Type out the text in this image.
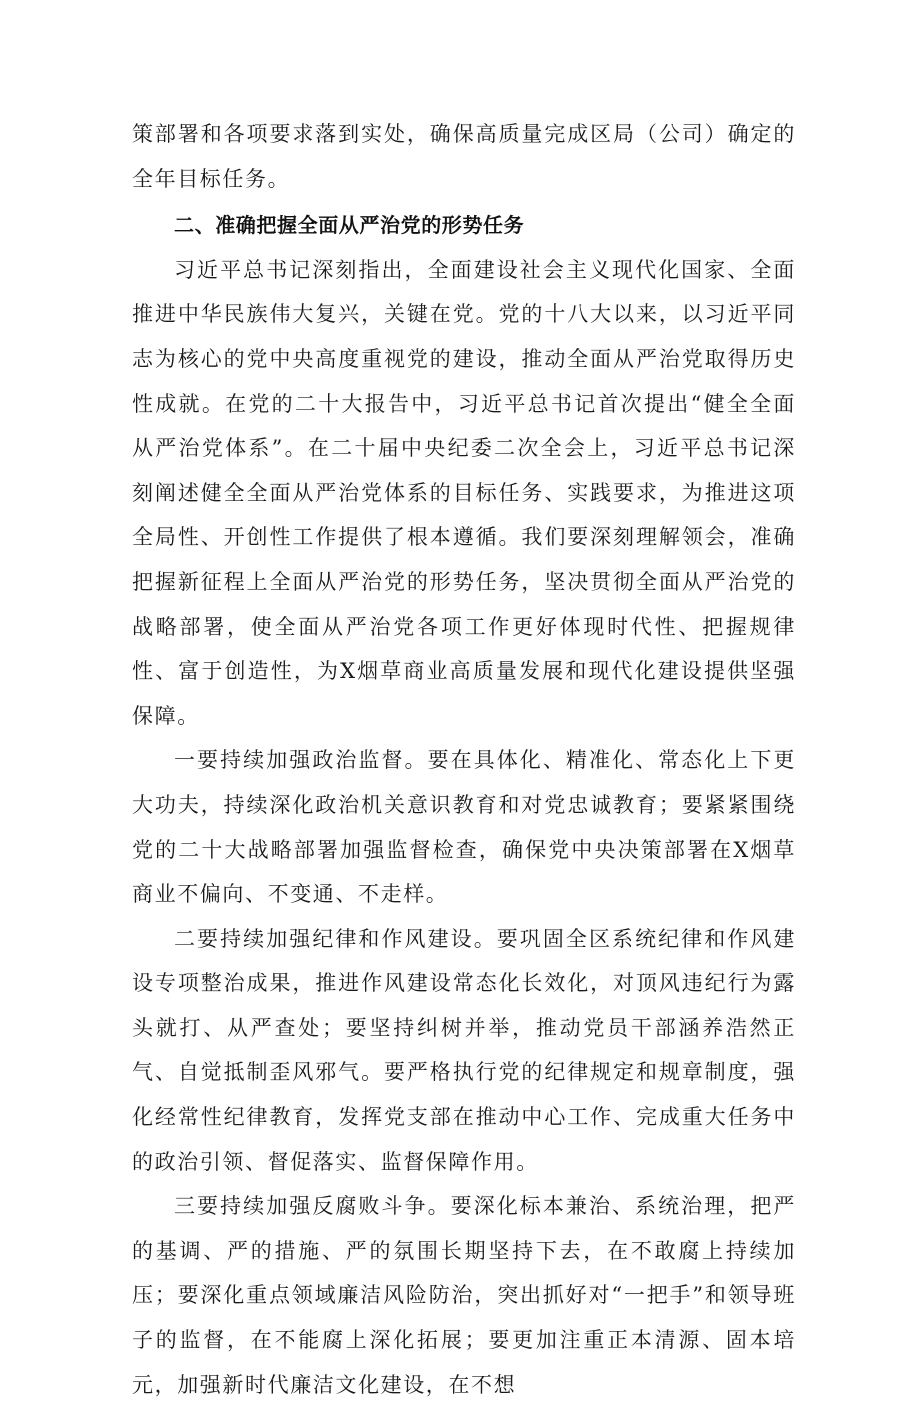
策部署和各项要求落到实处，确保高质量完成区局（公司）确定的全年目标任务。

二、准确把握全面从严治党的形势任务

习近平总书记深刻指出，全面建设社会主义现代化国家、全面推进中华民族伟大复兴，关键在党。党的十八大以来，以习近平同志为核心的党中央高度重视党的建设，推动全面从严治党取得历史性成就。在党的二十大报告中，习近平总书记首次提出“健全全面从严治党体系”。在二十届中央纪委二次全会上，习近平总书记深刻阐述健全全面从严治党体系的目标任务、实践要求，为推进这项全局性、开创性工作提供了根本遵循。我们要深刻理解领会，准确把握新征程上全面从严治党的形势任务，坚决贯彻全面从严治党的战略部署，使全面从严治党各项工作更好体现时代性、把握规律性、富于创造性，为X烟草商业高质量发展和现代化建设提供坚强保障。

一要持续加强政治监督。要在具体化、精准化、常态化上下更大功夫，持续深化政治机关意识教育和对党忠诚教育；要紧紧围绕党的二十大战略部署加强监督检查，确保党中央决策部署在X烟草商业不偏向、不变通、不走样。

二要持续加强纪律和作风建设。要巩固全区系统纪律和作风建设专项整治成果，推进作风建设常态化长效化，对顶风违纪行为露头就打、从严查处；要坚持纠树并举，推动党员干部涵养浩然正气、自觉抵制歪风邪气。要严格执行党的纪律规定和规章制度，强化经常性纪律教育，发挥党支部在推动中心工作、完成重大任务中的政治引领、督促落实、监督保障作用。

三要持续加强反腐败斗争。要深化标本兼治、系统治理，把严的基调、严的措施、严的氛围长期坚持下去，在不敢腐上持续加压；要深化重点领域廉洁风险防治，突出抓好对“一把手”和领导班子的监督，在不能腐上深化拓展；要更加注重正本清源、固本培元，加强新时代廉洁文化建设，在不想
